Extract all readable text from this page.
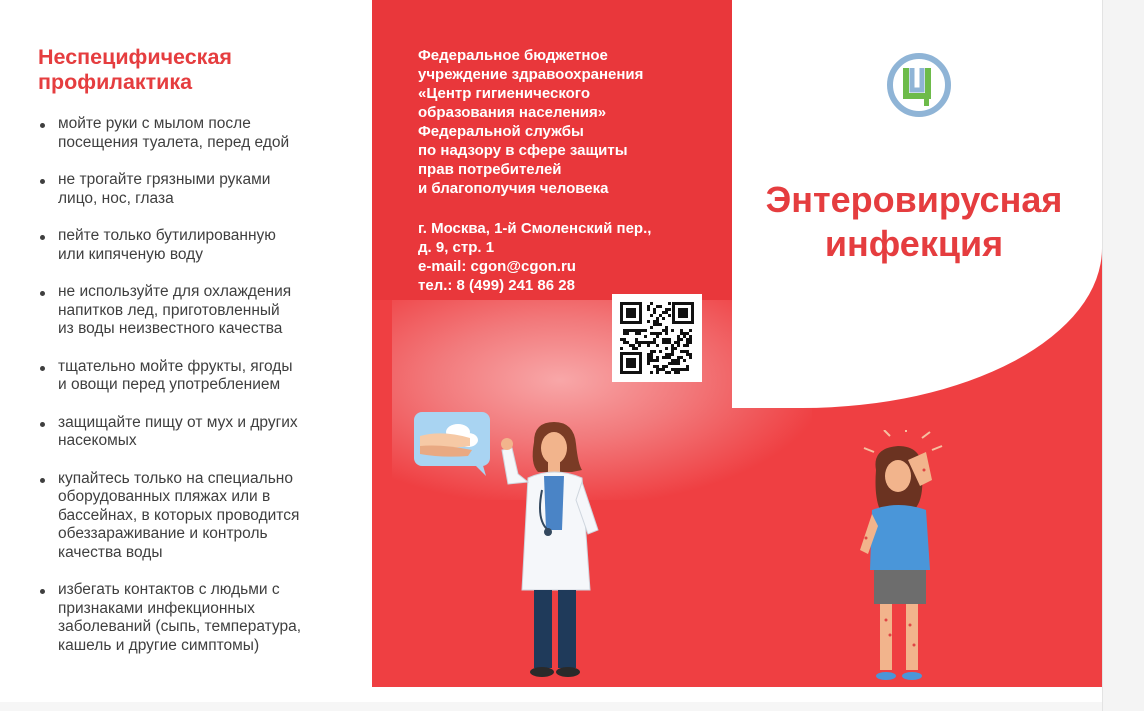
Неспецифическая
профилактика
мойте руки с мылом после
посещения туалета, перед едой
не трогайте грязными руками
лицо, нос, глаза
пейте только бутилированную
или кипяченую воду
не используйте для охлаждения
напитков лед, приготовленный
из воды неизвестного качества
тщательно мойте фрукты, ягоды
и овощи перед употреблением
защищайте пищу от мух и других
насекомых
купайтесь только на специально
оборудованных пляжах или в
бассейнах, в которых проводится
обеззараживание и контроль
качества воды
избегать контактов с людьми с
признаками инфекционных
заболеваний (сыпь, температура,
кашель и другие симптомы)
Федеральное бюджетное
учреждение здравоохранения
«Центр гигиенического
образования населения»
Федеральной службы
по надзору в сфере защиты
прав потребителей
и благополучия человека
г. Москва, 1-й Смоленский пер.,
д. 9, стр. 1
e-mail: cgon@cgon.ru
тел.: 8 (499) 241 86 28
Энтеровирусная
инфекция
